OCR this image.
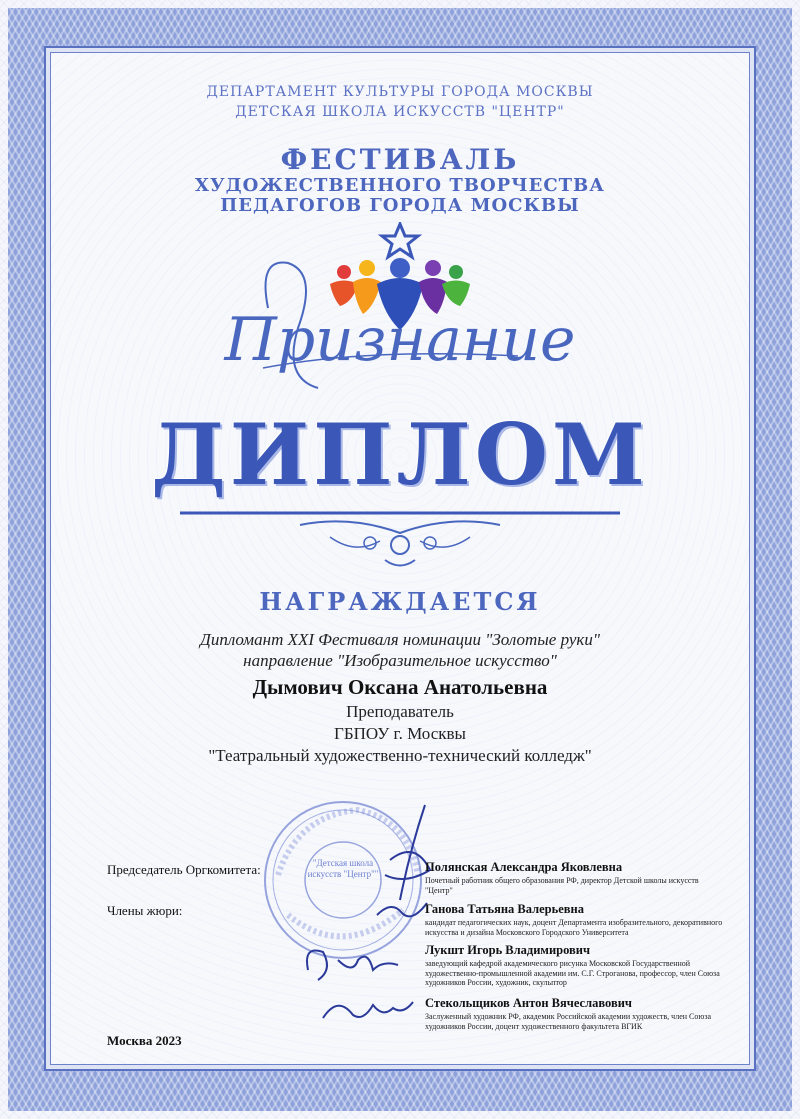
ДЕПАРТАМЕНТ КУЛЬТУРЫ ГОРОДА МОСКВЫ
ДЕТСКАЯ ШКОЛА ИСКУССТВ "ЦЕНТР"
ФЕСТИВАЛЬ
ХУДОЖЕСТВЕННОГО ТВОРЧЕСТВА
ПЕДАГОГОВ ГОРОДА МОСКВЫ
Признание
ДИПЛОМ
НАГРАЖДАЕТСЯ
Дипломант XXI Фестиваля номинации "Золотые руки"
направление "Изобразительное искусство"
Дымович Оксана Анатольевна
Преподаватель
ГБПОУ г. Москвы
"Театральный художественно-технический колледж"
"Детская школа искусств "Центр""
Председатель Оргкомитета:
Члены жюри:
Полянская Александра Яковлевна
Почетный работник общего образования РФ, директор Детской школы искусств "Центр"
Ганова Татьяна Валерьевна
кандидат педагогических наук, доцент Департамента изобразительного, декоративного искусства и дизайна Московского Городского Университета
Лукшт Игорь Владимирович
заведующий кафедрой академического рисунка Московской Государственной художественно-промышленной академии им. С.Г. Строганова, профессор, член Союза художников России, художник, скульптор
Стекольщиков Антон Вячеславович
Заслуженный художник РФ, академик Российской академии художеств, член Союза художников России, доцент художественного факультета ВГИК
Москва 2023
